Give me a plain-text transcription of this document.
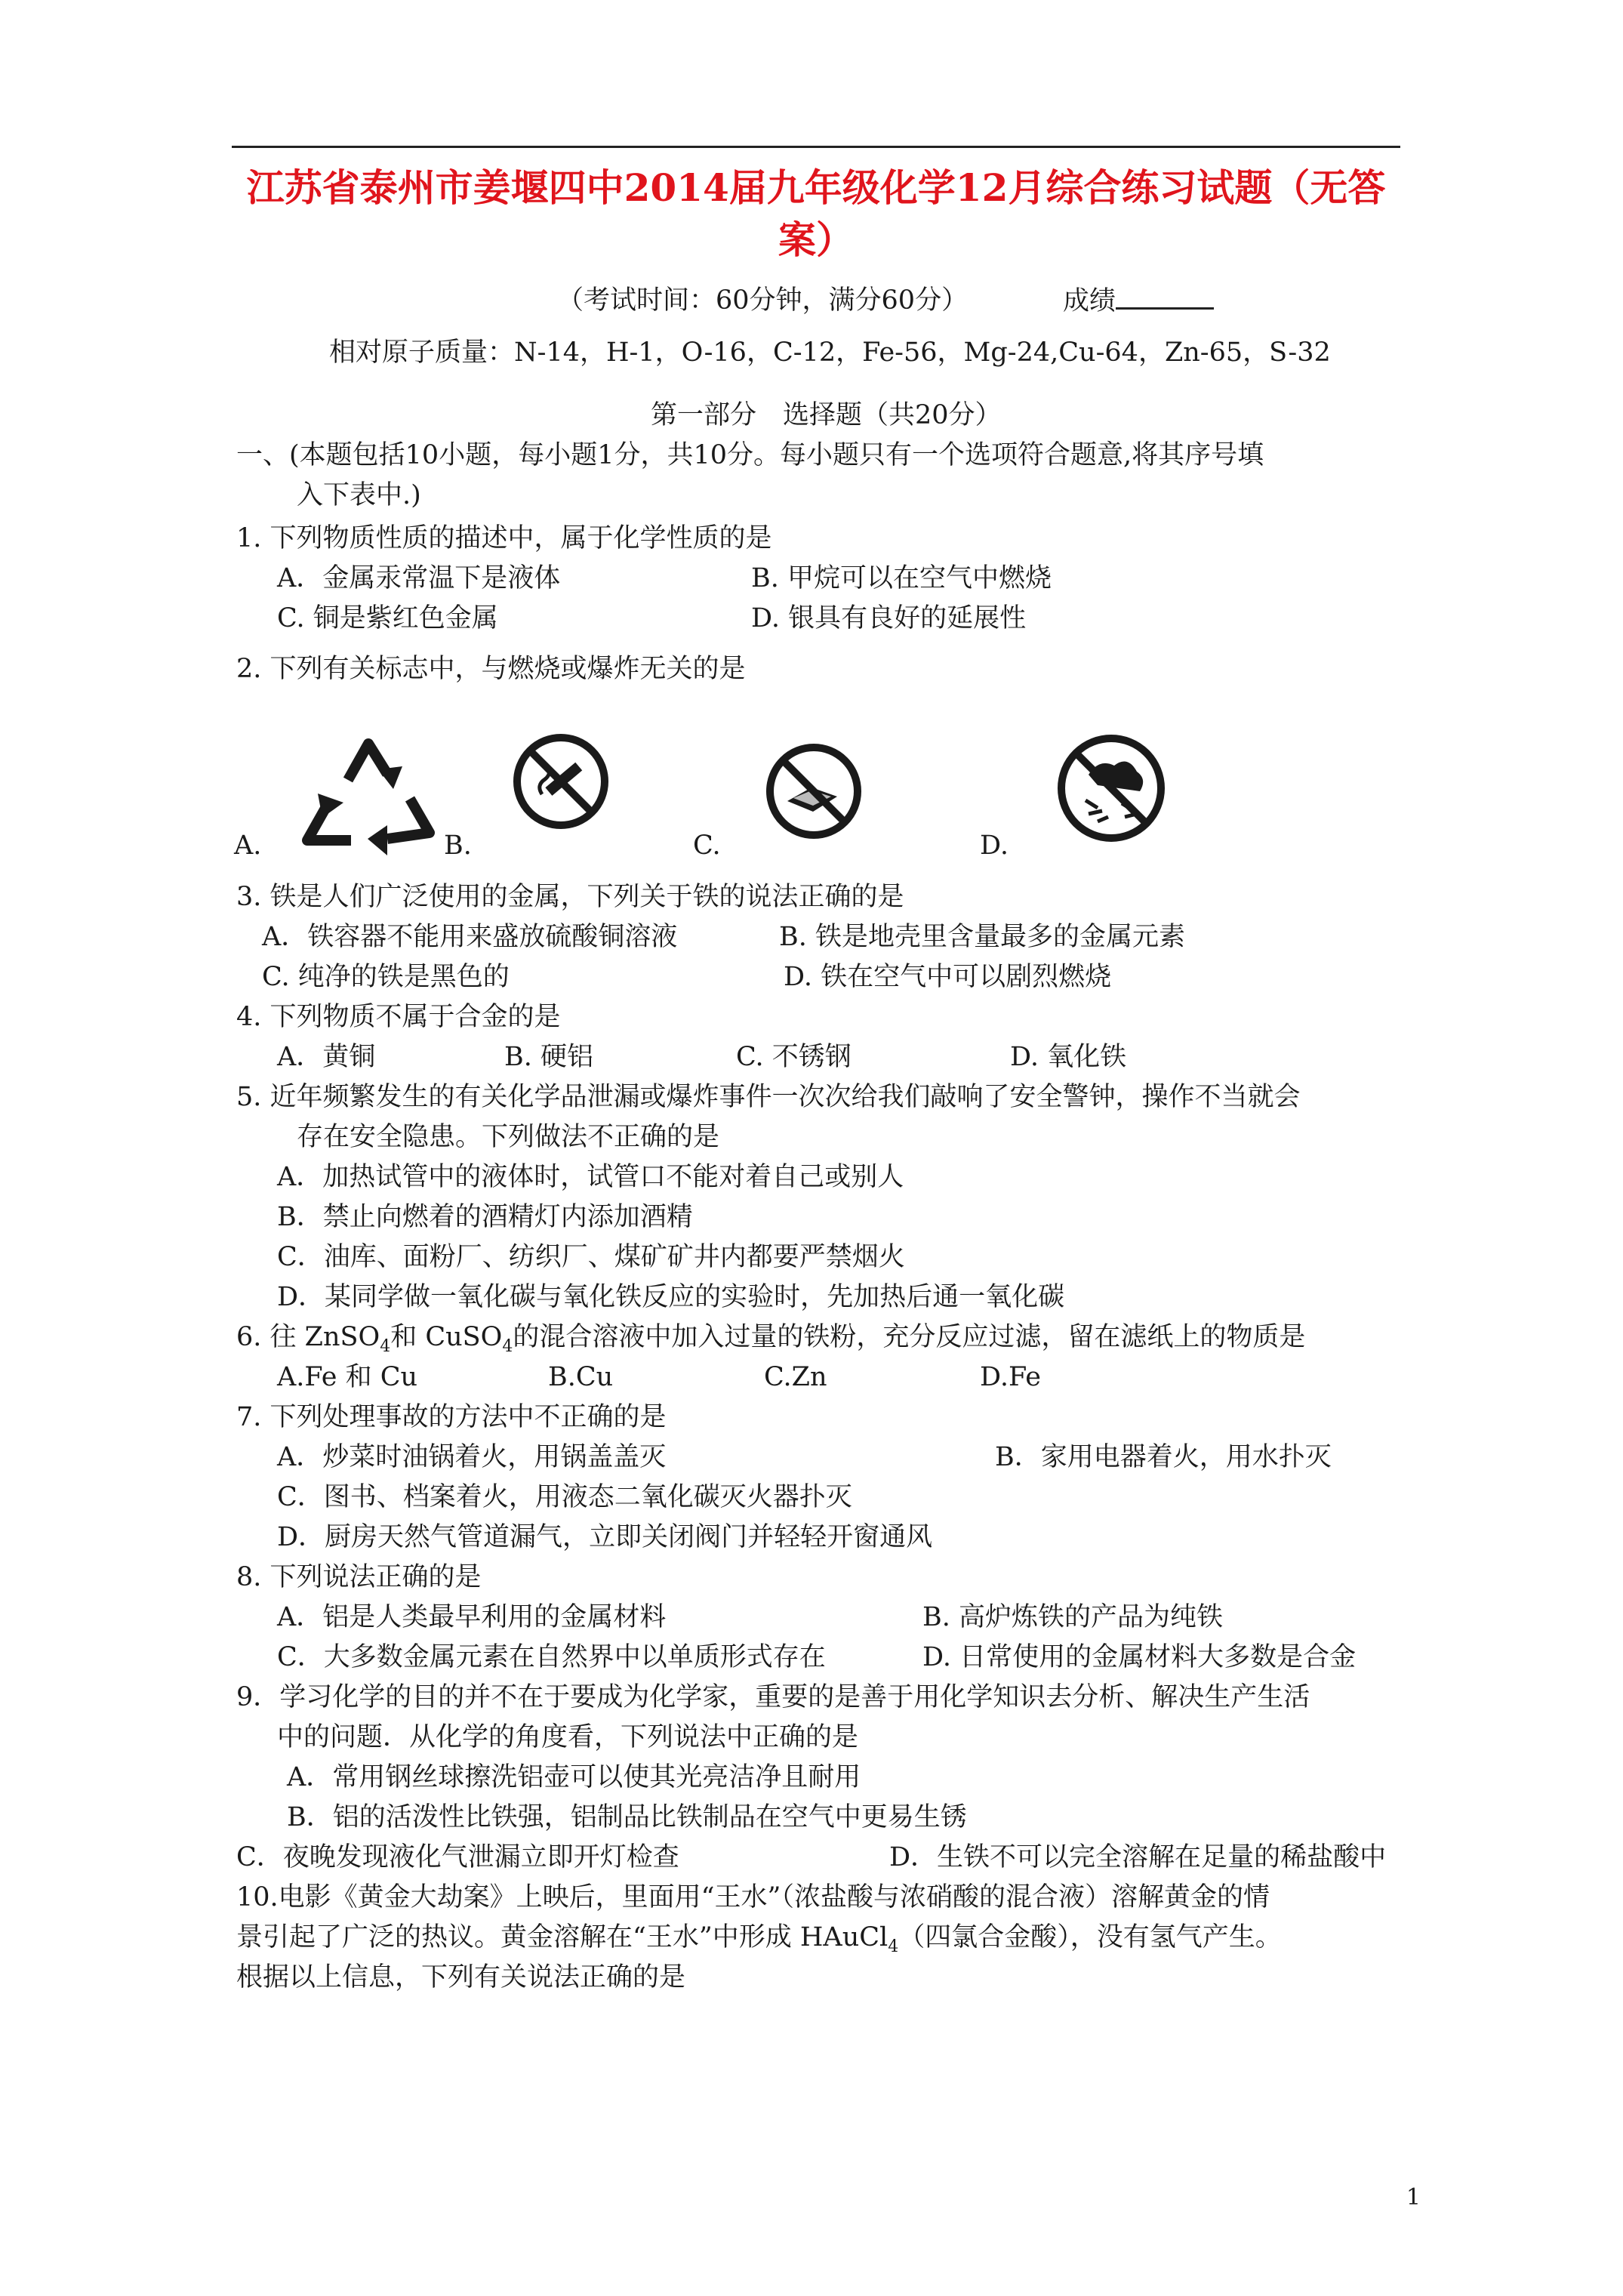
江苏省泰州市姜堰四中2014届九年级化学12月综合练习试题（无答
案）
（考试时间：60分钟，满分60分）	成绩
相对原子质量：N-14，H-1，O-16，C-12，Fe-56，Mg-24,Cu-64，Zn-65，S-32
第一部分　选择题（共20分）
一、(本题包括10小题，每小题1分，共10分。每小题只有一个选项符合题意,将其序号填
入下表中.)
1. 下列物质性质的描述中，属于化学性质的是
A．金属汞常温下是液体	B. 甲烷可以在空气中燃烧
C. 铜是紫红色金属	D. 银具有良好的延展性
2. 下列有关标志中，与燃烧或爆炸无关的是
A.	B.	C.	D.
3. 铁是人们广泛使用的金属，下列关于铁的说法正确的是
A．铁容器不能用来盛放硫酸铜溶液	B. 铁是地壳里含量最多的金属元素
C. 纯净的铁是黑色的	D. 铁在空气中可以剧烈燃烧
4. 下列物质不属于合金的是
A．黄铜	B. 硬铝	C. 不锈钢	D. 氧化铁
5. 近年频繁发生的有关化学品泄漏或爆炸事件一次次给我们敲响了安全警钟，操作不当就会
存在安全隐患。下列做法不正确的是
A．加热试管中的液体时，试管口不能对着自己或别人
B．禁止向燃着的酒精灯内添加酒精
C．油库、面粉厂、纺织厂、煤矿矿井内都要严禁烟火
D．某同学做一氧化碳与氧化铁反应的实验时，先加热后通一氧化碳
6. 往 ZnSO$_4$和 CuSO$_4$的混合溶液中加入过量的铁粉，充分反应过滤，留在滤纸上的物质是
A.Fe 和 Cu	B.Cu	C.Zn	D.Fe
7. 下列处理事故的方法中不正确的是
A．炒菜时油锅着火，用锅盖盖灭	B．家用电器着火，用水扑灭
C．图书、档案着火，用液态二氧化碳灭火器扑灭
D．厨房天然气管道漏气，立即关闭阀门并轻轻开窗通风
8. 下列说法正确的是
A．铝是人类最早利用的金属材料	B. 高炉炼铁的产品为纯铁
C．大多数金属元素在自然界中以单质形式存在	D. 日常使用的金属材料大多数是合金
9．学习化学的目的并不在于要成为化学家，重要的是善于用化学知识去分析、解决生产生活
中的问题．从化学的角度看，下列说法中正确的是
A．常用钢丝球擦洗铝壶可以使其光亮洁净且耐用
B．铝的活泼性比铁强，铝制品比铁制品在空气中更易生锈
C．夜晚发现液化气泄漏立即开灯检查	D．生铁不可以完全溶解在足量的稀盐酸中
10.电影《黄金大劫案》上映后，里面用“王水”（浓盐酸与浓硝酸的混合液）溶解黄金的情
景引起了广泛的热议。黄金溶解在“王水”中形成 HAuCl$_4$（四氯合金酸），没有氢气产生。
根据以上信息，下列有关说法正确的是
1
